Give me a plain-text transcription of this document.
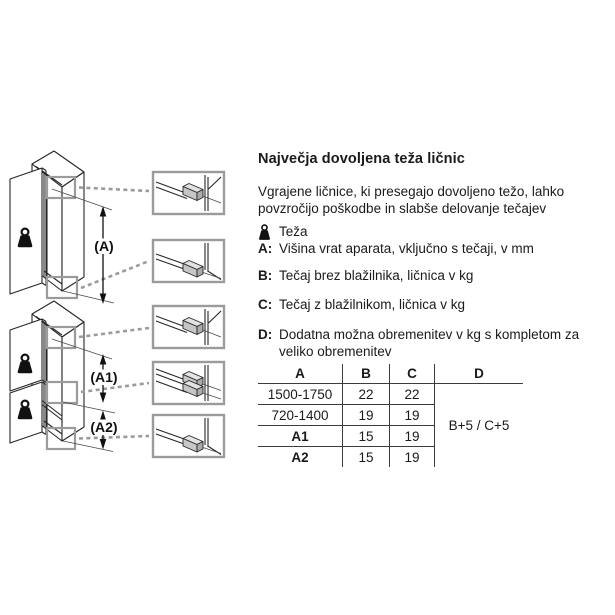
(A)
(A1)
(A2)
Največja dovoljena teža ličnic
Vgrajene ličnice, ki presegajo dovoljeno težo, lahko
povzročijo poškodbe in slabše delovanje tečajev
Teža
A: Višina vrat aparata, vključno s tečaji, v mm
B: Tečaj brez blažilnika, ličnica v kg
C: Tečaj z blažilnikom, ličnica v kg
D: Dodatna možna obremenitev v kg s kompletom za
veliko obremenitev
A	B	C	D
1500-1750	22	22	B+5 / C+5
720-1400	19	19	
A1	15	19	
A2	15	19	
